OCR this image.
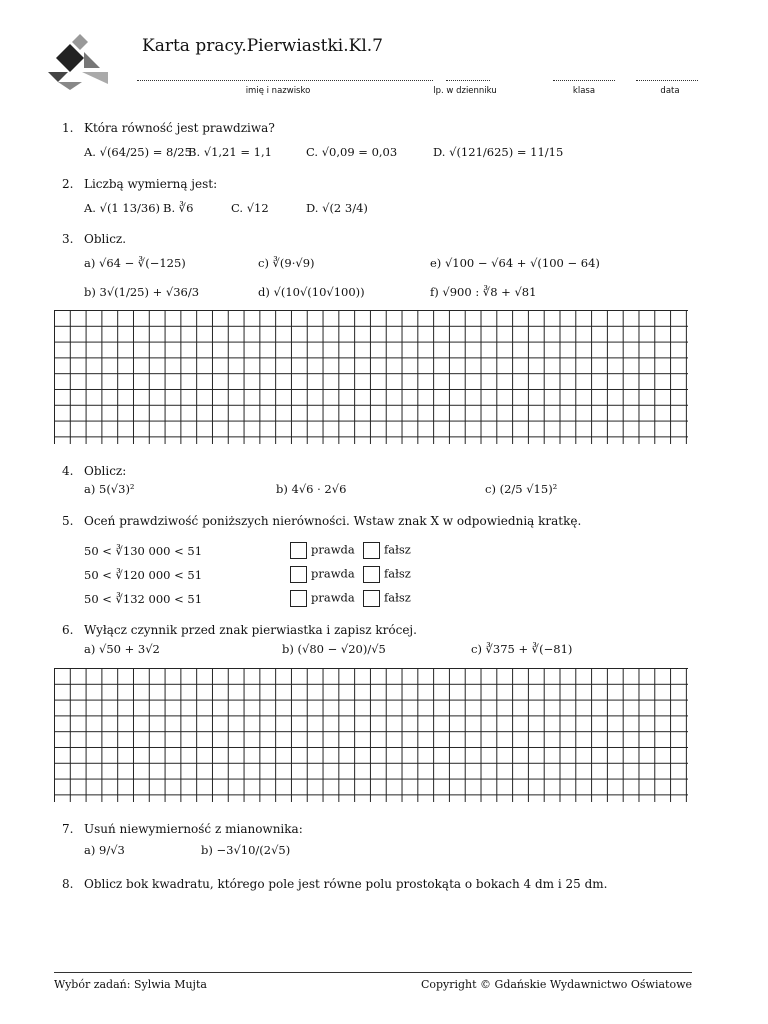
Karta pracy.Pierwiastki.Kl.7
imię i nazwisko	lp. w dzienniku	klasa	data
1. Która równość jest prawdziwa?
A. √(64/25) = 8/25
B. √1,21 = 1,1	C. √0,09 = 0,03	D. √(121/625) = 11/15
2. Liczbą wymierną jest:
A. √(1 13/36) B. ∛6	C. √12	D. √(2 3/4)
3. Oblicz.
a) √64 − ∛(−125)	c) ∛(9·√9)	e) √100 − √64 + √(100 − 64)
b) 3√(1/25) + √36/3	d) √(10√(10√100))	f) √900 : ∛8 + √81
4. Oblicz:
a) 5(√3)²	b) 4√6 · 2√6	c) (2/5 √15)²
5. Oceń prawdziwość poniższych nierówności. Wstaw znak X w odpowiednią kratkę.
50 < ∛130 000 < 51	prawda	fałsz
50 < ∛120 000 < 51	prawda	fałsz
50 < ∛132 000 < 51	prawda	fałsz
6. Wyłącz czynnik przed znak pierwiastka i zapisz krócej.
a) √50 + 3√2	b) (√80 − √20)/√5	c) ∛375 + ∛(−81)
7. Usuń niewymierność z mianownika:
a) 9/√3	b) −3√10/(2√5)
8. Oblicz bok kwadratu, którego pole jest równe polu prostokąta o bokach 4 dm i 25 dm.
Wybór zadań: Sylwia Mujta	Copyright © Gdańskie Wydawnictwo Oświatowe
